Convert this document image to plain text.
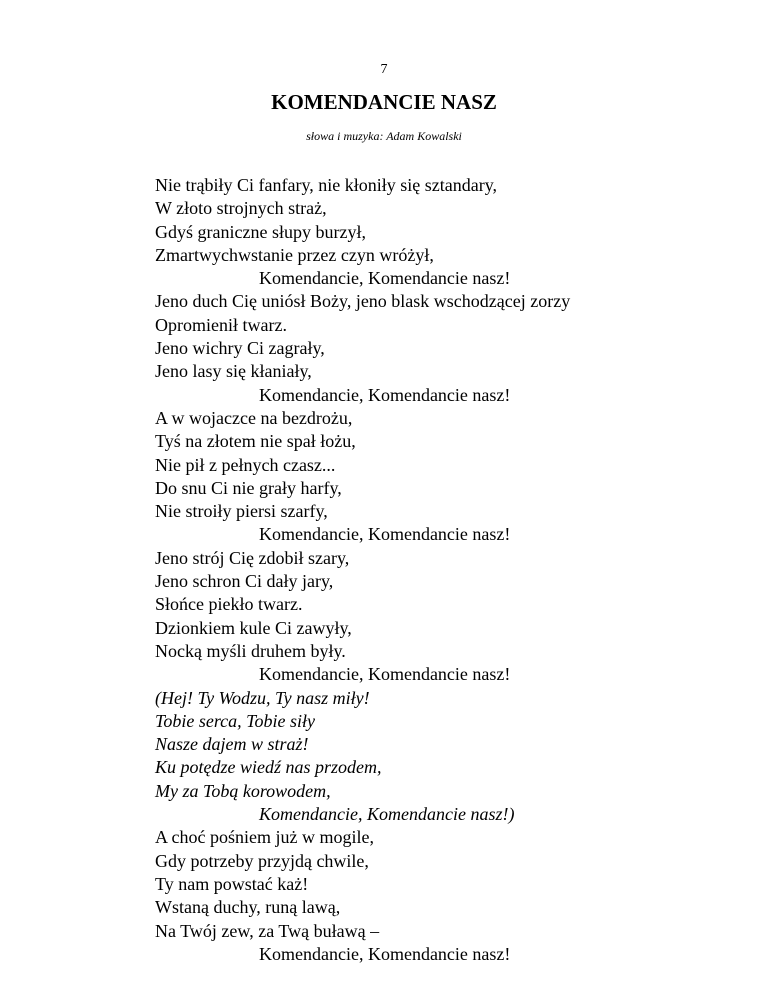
7
KOMENDANCIE NASZ
słowa i muzyka: Adam Kowalski
Nie trąbiły Ci fanfary, nie kłoniły się sztandary,
W złoto strojnych straż,
Gdyś graniczne słupy burzył,
Zmartwychwstanie przez czyn wróżył,
Komendancie, Komendancie nasz!
Jeno duch Cię uniósł Boży, jeno blask wschodzącej zorzy
Opromienił twarz.
Jeno wichry Ci zagrały,
Jeno lasy się kłaniały,
Komendancie, Komendancie nasz!
A w wojaczce na bezdrożu,
Tyś na złotem nie spał łożu,
Nie pił z pełnych czasz...
Do snu Ci nie grały harfy,
Nie stroiły piersi szarfy,
Komendancie, Komendancie nasz!
Jeno strój Cię zdobił szary,
Jeno schron Ci dały jary,
Słońce piekło twarz.
Dzionkiem kule Ci zawyły,
Nocką myśli druhem były.
Komendancie, Komendancie nasz!
(Hej! Ty Wodzu, Ty nasz miły!
Tobie serca, Tobie siły
Nasze dajem w straż!
Ku potędze wiedź nas przodem,
My za Tobą korowodem,
Komendancie, Komendancie nasz!)
A choć pośniem już w mogile,
Gdy potrzeby przyjdą chwile,
Ty nam powstać każ!
Wstaną duchy, runą lawą,
Na Twój zew, za Twą buławą –
Komendancie, Komendancie nasz!
